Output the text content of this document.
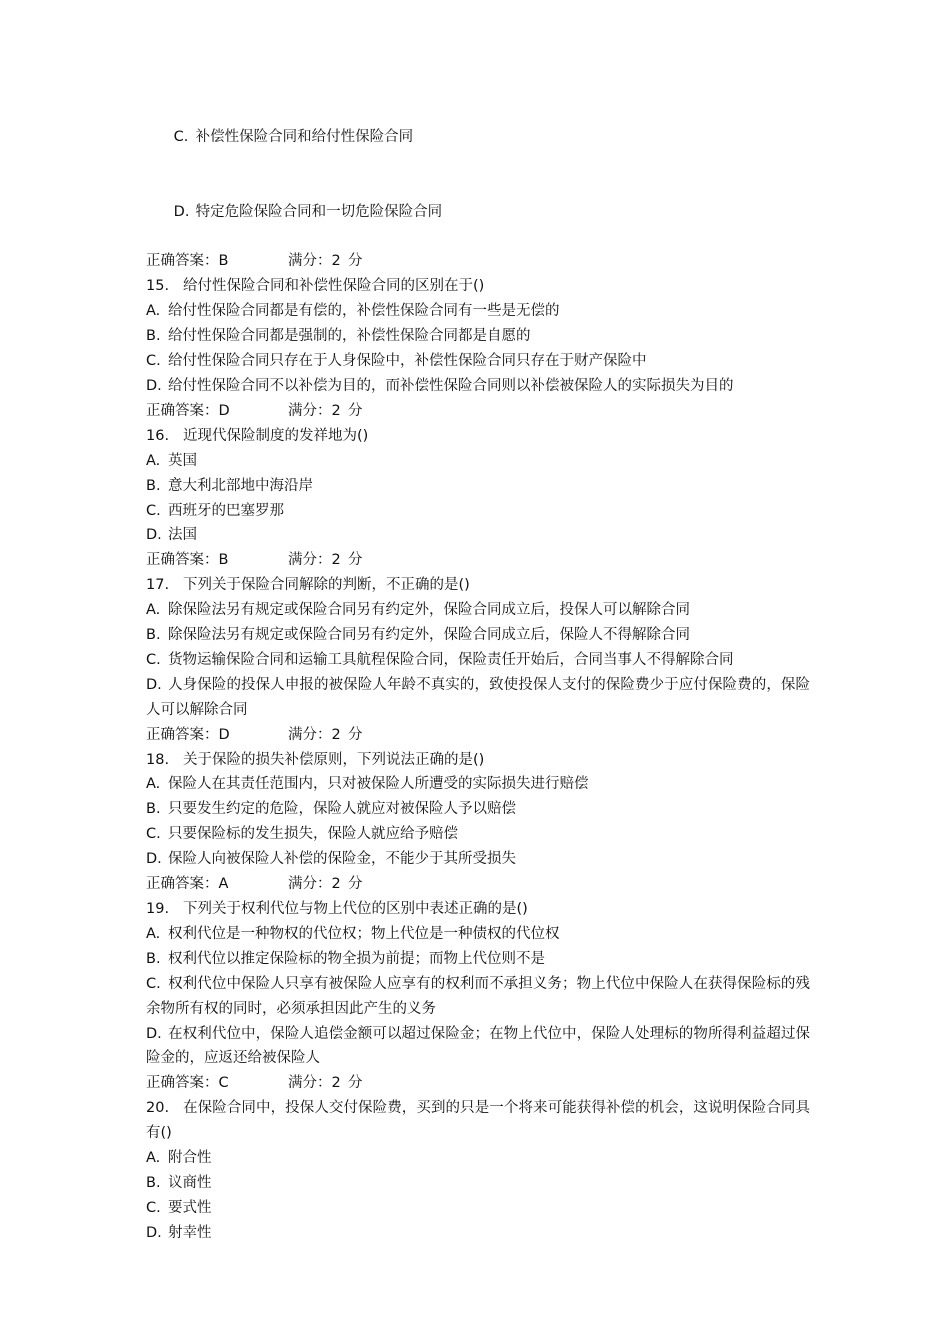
C. 补偿性保险合同和给付性保险合同

D. 特定危险保险合同和一切危险保险合同

正确答案：B	满分：2 分
15. 给付性保险合同和补偿性保险合同的区别在于()
A. 给付性保险合同都是有偿的，补偿性保险合同有一些是无偿的
B. 给付性保险合同都是强制的，补偿性保险合同都是自愿的
C. 给付性保险合同只存在于人身保险中，补偿性保险合同只存在于财产保险中
D. 给付性保险合同不以补偿为目的，而补偿性保险合同则以补偿被保险人的实际损失为目的
正确答案：D	满分：2 分
16. 近现代保险制度的发祥地为()
A. 英国
B. 意大利北部地中海沿岸
C. 西班牙的巴塞罗那
D. 法国
正确答案：B	满分：2 分
17. 下列关于保险合同解除的判断，不正确的是()
A. 除保险法另有规定或保险合同另有约定外，保险合同成立后，投保人可以解除合同
B. 除保险法另有规定或保险合同另有约定外，保险合同成立后，保险人不得解除合同
C. 货物运输保险合同和运输工具航程保险合同，保险责任开始后，合同当事人不得解除合同
D. 人身保险的投保人申报的被保险人年龄不真实的，致使投保人支付的保险费少于应付保险费的，保险人可以解除合同
正确答案：D	满分：2 分
18. 关于保险的损失补偿原则，下列说法正确的是()
A. 保险人在其责任范围内，只对被保险人所遭受的实际损失进行赔偿
B. 只要发生约定的危险，保险人就应对被保险人予以赔偿
C. 只要保险标的发生损失，保险人就应给予赔偿
D. 保险人向被保险人补偿的保险金，不能少于其所受损失
正确答案：A	满分：2 分
19. 下列关于权利代位与物上代位的区别中表述正确的是()
A. 权利代位是一种物权的代位权；物上代位是一种债权的代位权
B. 权利代位以推定保险标的物全损为前提；而物上代位则不是
C. 权利代位中保险人只享有被保险人应享有的权利而不承担义务；物上代位中保险人在获得保险标的残余物所有权的同时，必须承担因此产生的义务
D. 在权利代位中，保险人追偿金额可以超过保险金；在物上代位中，保险人处理标的物所得利益超过保险金的，应返还给被保险人
正确答案：C	满分：2 分
20. 在保险合同中，投保人交付保险费，买到的只是一个将来可能获得补偿的机会，这说明保险合同具有()
A. 附合性
B. 议商性
C. 要式性
D. 射幸性
